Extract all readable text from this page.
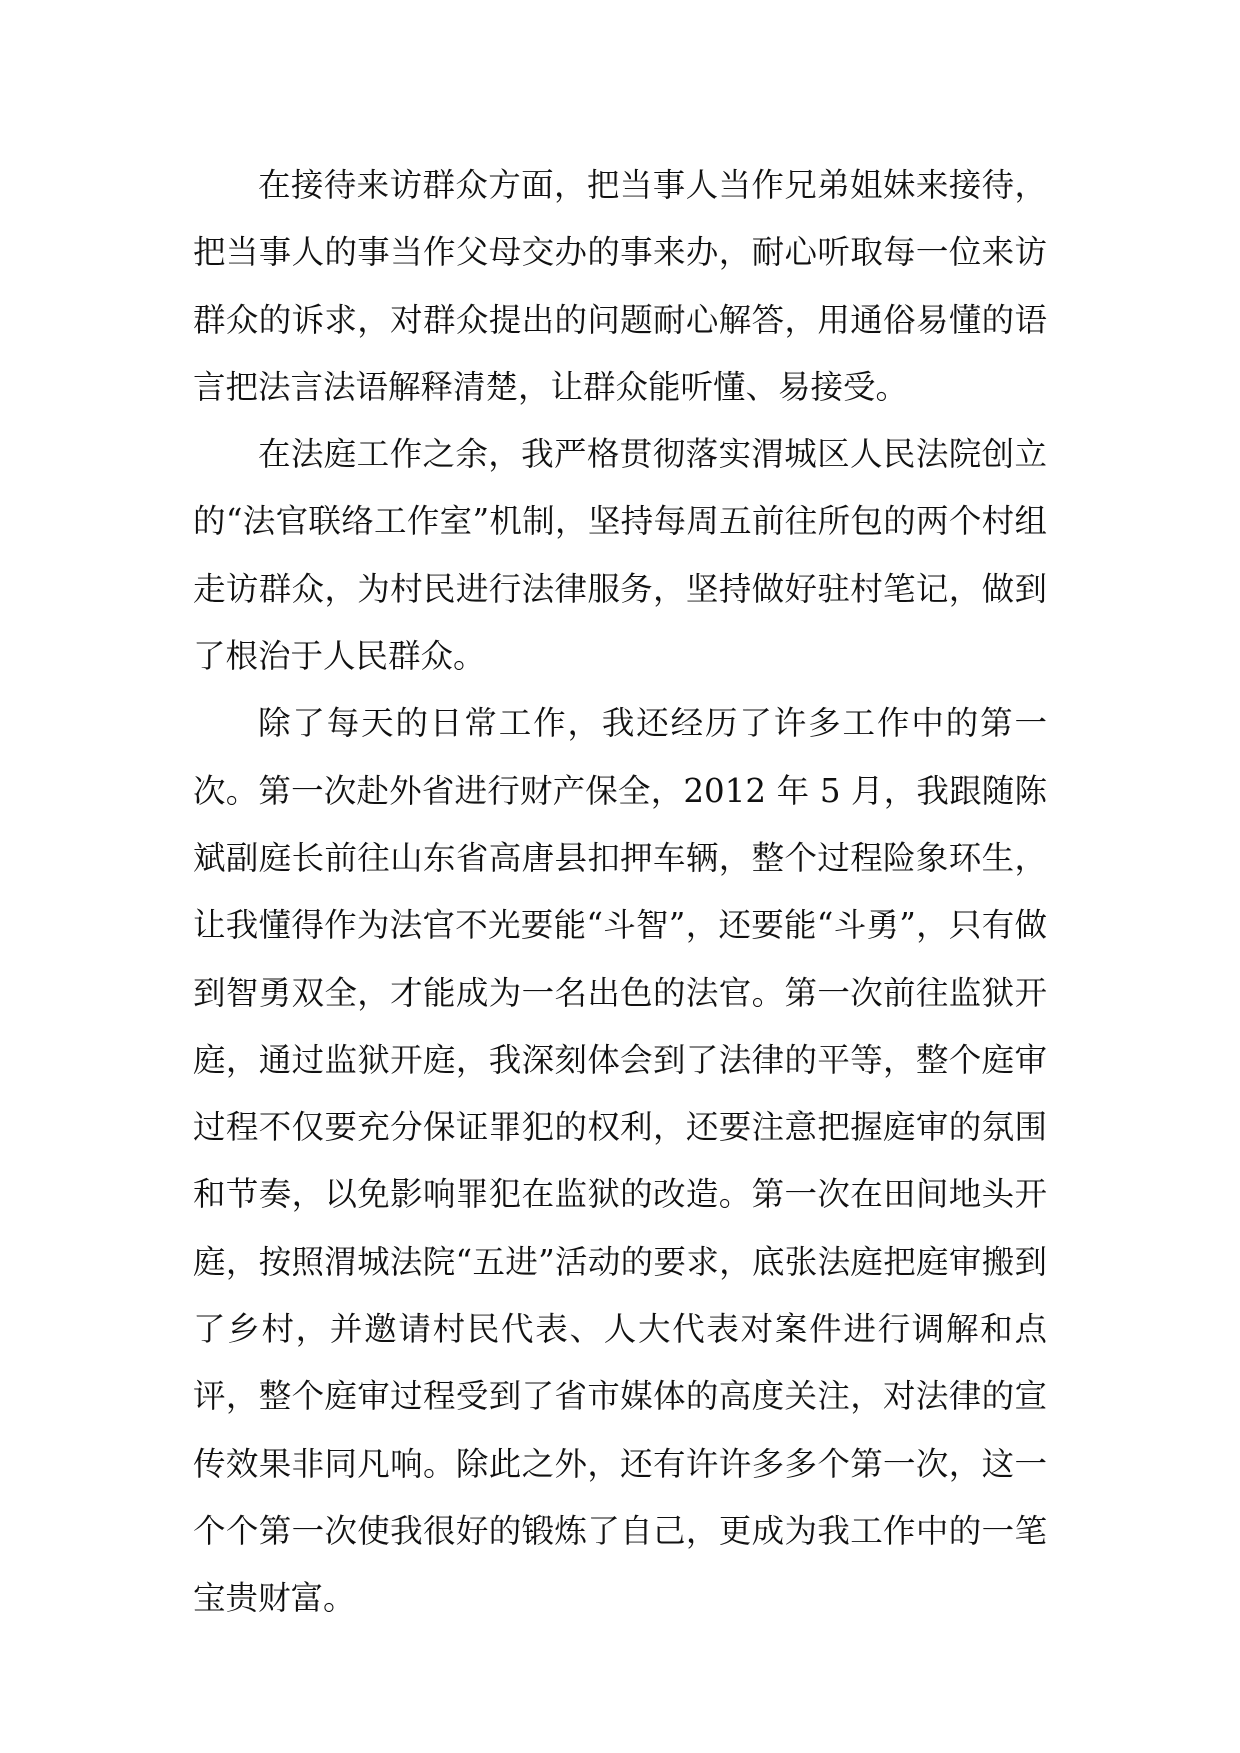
在接待来访群众方面，把当事人当作兄弟姐妹来接待，把当事人的事当作父母交办的事来办，耐心听取每一位来访群众的诉求，对群众提出的问题耐心解答，用通俗易懂的语言把法言法语解释清楚，让群众能听懂、易接受。

在法庭工作之余，我严格贯彻落实渭城区人民法院创立的“法官联络工作室”机制，坚持每周五前往所包的两个村组走访群众，为村民进行法律服务，坚持做好驻村笔记，做到了根治于人民群众。

除了每天的日常工作，我还经历了许多工作中的第一次。第一次赴外省进行财产保全，2012 年 5 月，我跟随陈斌副庭长前往山东省高唐县扣押车辆，整个过程险象环生，让我懂得作为法官不光要能“斗智”，还要能“斗勇”，只有做到智勇双全，才能成为一名出色的法官。第一次前往监狱开庭，通过监狱开庭，我深刻体会到了法律的平等，整个庭审过程不仅要充分保证罪犯的权利，还要注意把握庭审的氛围和节奏，以免影响罪犯在监狱的改造。第一次在田间地头开庭，按照渭城法院“五进”活动的要求，底张法庭把庭审搬到了乡村，并邀请村民代表、人大代表对案件进行调解和点评，整个庭审过程受到了省市媒体的高度关注，对法律的宣传效果非同凡响。除此之外，还有许许多多个第一次，这一个个第一次使我很好的锻炼了自己，更成为我工作中的一笔宝贵财富。
